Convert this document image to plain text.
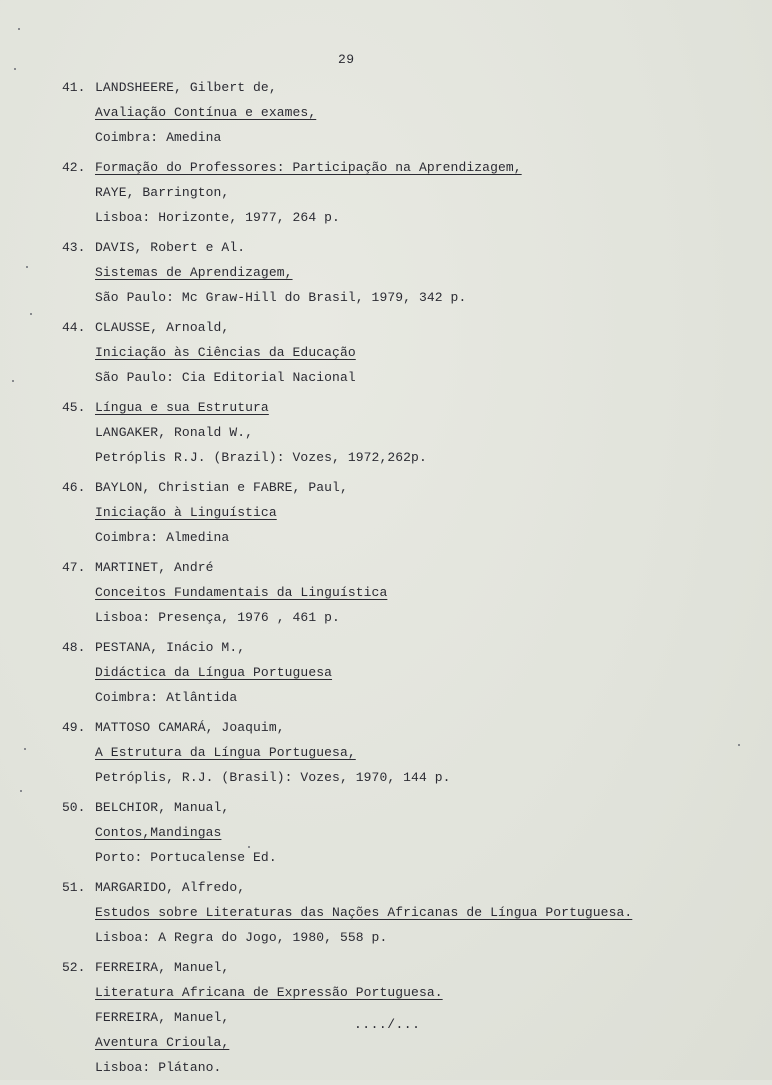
29
41. LANDSHEERE, Gilbert de,
Avaliação Contínua e exames,
Coimbra: Amedina
42. Formação do Professores: Participação na Aprendizagem,
RAYE, Barrington,
Lisboa: Horizonte, 1977, 264 p.
43. DAVIS, Robert e Al.
Sistemas de Aprendizagem,
São Paulo: Mc Graw-Hill do Brasil, 1979, 342 p.
44. CLAUSSE, Arnoald,
Iniciação às Ciências da Educação
São Paulo: Cia Editorial Nacional
45. Língua e sua Estrutura
LANGAKER, Ronald W.,
Petróplis R.J. (Brazil): Vozes, 1972,262p.
46. BAYLON, Christian e FABRE, Paul,
Iniciação à Linguística
Coimbra: Almedina
47. MARTINET, André
Conceitos Fundamentais da Linguística
Lisboa: Presença, 1976 , 461 p.
48. PESTANA, Inácio M.,
Didáctica da Língua Portuguesa
Coimbra: Atlântida
49. MATTOSO CAMARÁ, Joaquim,
A Estrutura da Língua Portuguesa,
Petróplis, R.J. (Brasil): Vozes, 1970, 144 p.
50. BELCHIOR, Manual,
Contos,Mandingas
Porto: Portucalense Ed.
51. MARGARIDO, Alfredo,
Estudos sobre Literaturas das Nações Africanas de Língua Portuguesa.
Lisboa: A Regra do Jogo, 1980, 558 p.
52. FERREIRA, Manuel,
Literatura Africana de Expressão Portuguesa.
FERREIRA, Manuel,
Aventura Crioula,
Lisboa: Plátano.
..../...
